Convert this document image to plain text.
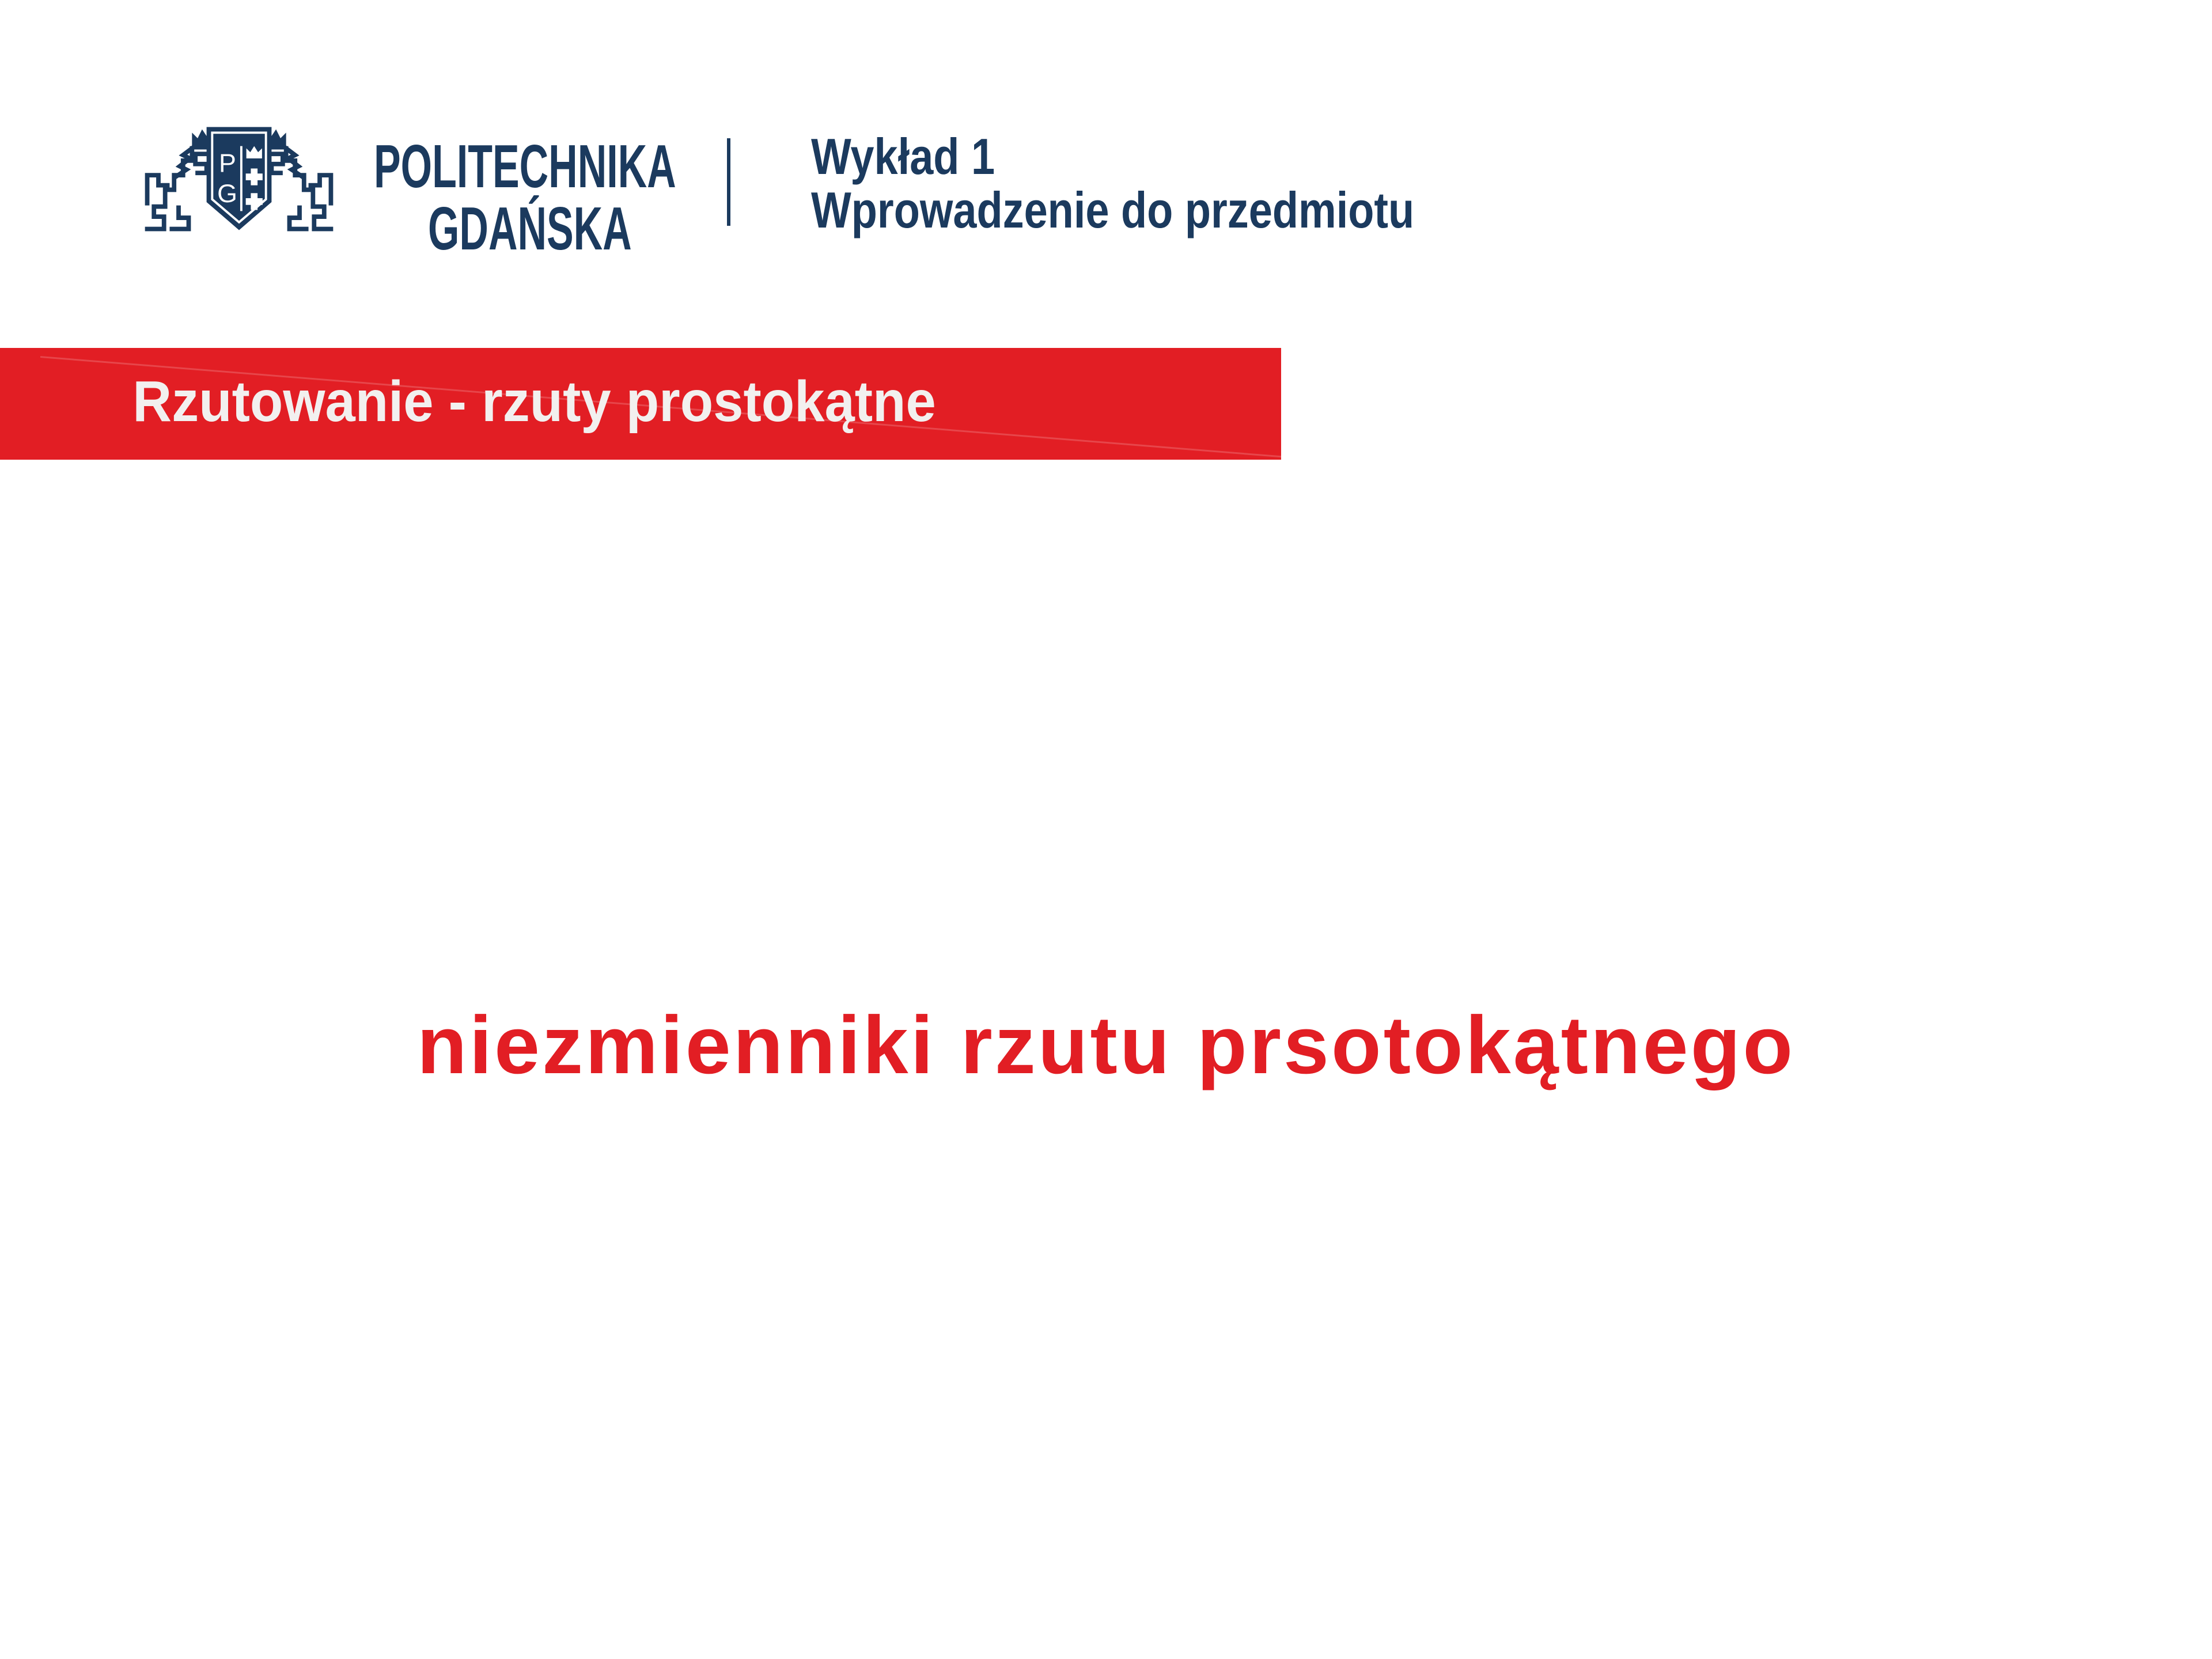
P
G POLITECHNIKA
GDAŃSKA
Wykład 1
Wprowadzenie do przedmiotu
Rzutowanie - rzuty prostokątne
niezmienniki rzutu prsotokątnego
